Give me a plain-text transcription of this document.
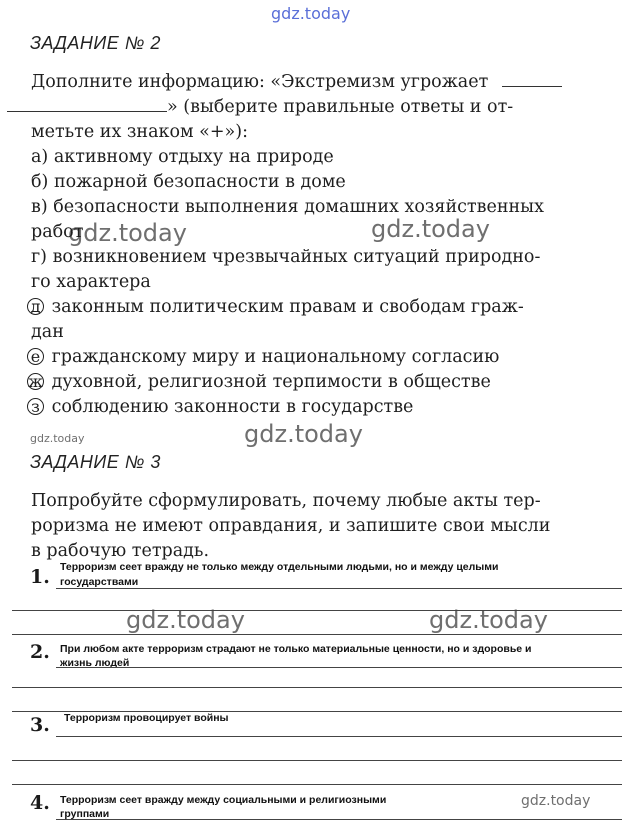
gdz.today
gdz.today	gdz.today
gdz.today	gdz.today
gdz.today	gdz.today
gdz.today
ЗАДАНИЕ № 2
Дополните информацию: «Экстремизм угрожает
» (выберите правильные ответы и от-
метьте их знаком «+»):
а) активному отдыху на природе
б) пожарной безопасности в доме
в) безопасности выполнения домашних хозяйственных
работ
г) возникновением чрезвычайных ситуаций природно-
го характера
д законным политическим правам и свободам граж-
дан
е гражданскому миру и национальному согласию
ж духовной, религиозной терпимости в обществе
з соблюдению законности в государстве
ЗАДАНИЕ № 3
Попробуйте сформулировать, почему любые акты тер-
роризма не имеют оправдания, и запишите свои мысли
в рабочую тетрадь.
1. Терроризм сеет вражду не только между отдельными людьми, но и между целыми
государствами
2. При любом акте терроризм страдают не только материальные ценности, но и здоровье и
жизнь людей
3. Терроризм провоцирует войны
4. Терроризм сеет вражду между социальными и религиозными
группами
